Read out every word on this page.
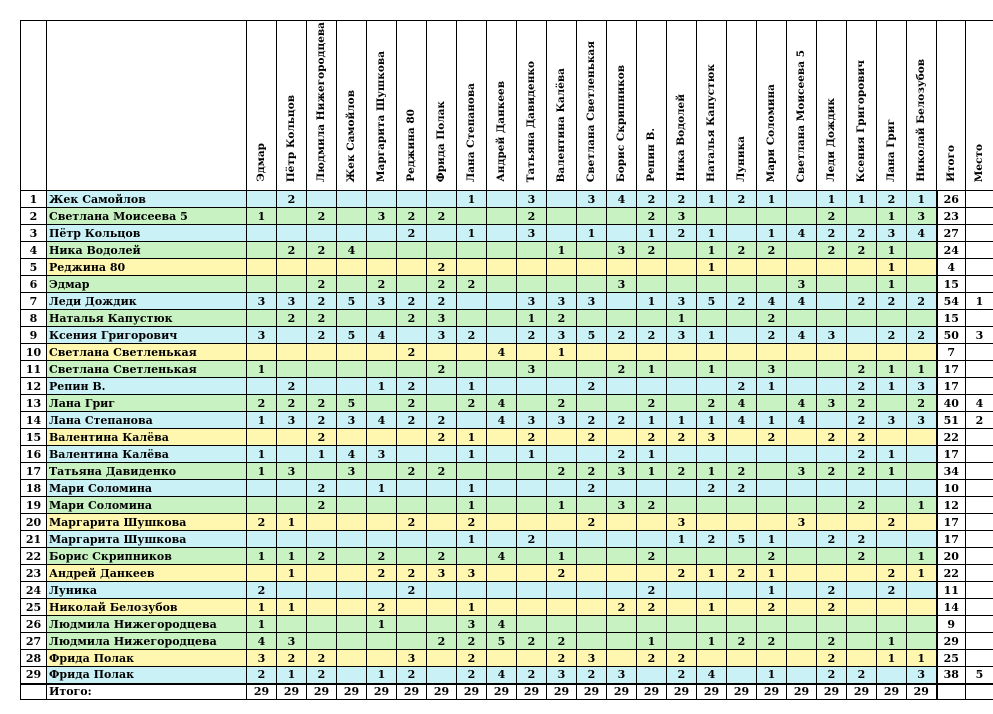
		Эдмар	Пётр Кольцов	Людмила Нижегородцева	Жек Самойлов	Маргарита Шушкова	Реджина 80	Фрида Полак	Лана Степанова	Андрей Данкеев	Татьяна Давиденко	Валентина Калёва	Светлана Светленькая	Борис Скрипников	Репин В.	Ника Водолей	Наталья Капустюк	Луника	Мари Соломина	Светлана Моисеева 5	Леди Дождик	Ксения Григорович	Лана Григ	Николай Белозубов	Итого	Место
1	Жек Самойлов		2						1		3		3	4	2	2	1	2	1		1	1	2	1	26	
2	Светлана Моисеева 5	1		2		3	2	2			2				2	3					2		1	3	23	
3	Пётр Кольцов						2		1		3		1		1	2	1		1	4	2	2	3	4	27	
4	Ника Водолей		2	2	4							1		3	2		1	2	2		2	2	1		24	
5	Реджина 80							2									1						1		4	
6	Эдмар			2		2		2	2					3						3			1		15	
7	Леди Дождик	3	3	2	5	3	2	2			3	3	3		1	3	5	2	4	4		2	2	2	54	1
8	Наталья Капустюк		2	2			2	3			1	2				1			2						15	
9	Ксения Григорович	3		2	5	4		3	2		2	3	5	2	2	3	1		2	4	3		2	2	50	3
10	Светлана Светленькая						2			4		1													7	
11	Светлана Светленькая	1						2			3			2	1		1		3			2	1	1	17	
12	Репин В.		2			1	2		1				2					2	1			2	1	3	17	
13	Лана Григ	2	2	2	5		2		2	4		2			2		2	4		4	3	2		2	40	4
14	Лана Степанова	1	3	2	3	4	2	2		4	3	3	2	2	1	1	1	4	1	4		2	3	3	51	2
15	Валентина Калёва			2				2	1		2		2		2	2	3		2		2	2			22	
16	Валентина Калёва	1		1	4	3			1		1			2	1							2	1		17	
17	Татьяна Давиденко	1	3		3		2	2				2	2	3	1	2	1	2		3	2	2	1		34	
18	Мари Соломина			2		1			1				2				2	2							10	
19	Мари Соломина			2					1			1		3	2							2		1	12	
20	Маргарита Шушкова	2	1				2		2				2			3				3			2		17	
21	Маргарита Шушкова								1		2					1	2	5	1		2	2			17	
22	Борис Скрипников	1	1	2		2		2		4		1			2				2			2		1	20	
23	Андрей Данкеев		1			2	2	3	3			2				2	1	2	1				2	1	22	
24	Луника	2					2								2				1		2		2		11	
25	Николай Белозубов	1	1			2			1					2	2		1		2		2				14	
26	Людмила Нижегородцева	1				1			3	4															9	
27	Людмила Нижегородцева	4	3					2	2	5	2	2			1		1	2	2		2		1		29	
28	Фрида Полак	3	2	2			3		2			2	3		2	2					2		1	1	25	
29	Фрида Полак	2	1	2		1	2		2	4	2	3	2	3		2	4		1		2	2		3	38	5
	Итого:	29	29	29	29	29	29	29	29	29	29	29	29	29	29	29	29	29	29	29	29	29	29	29		
